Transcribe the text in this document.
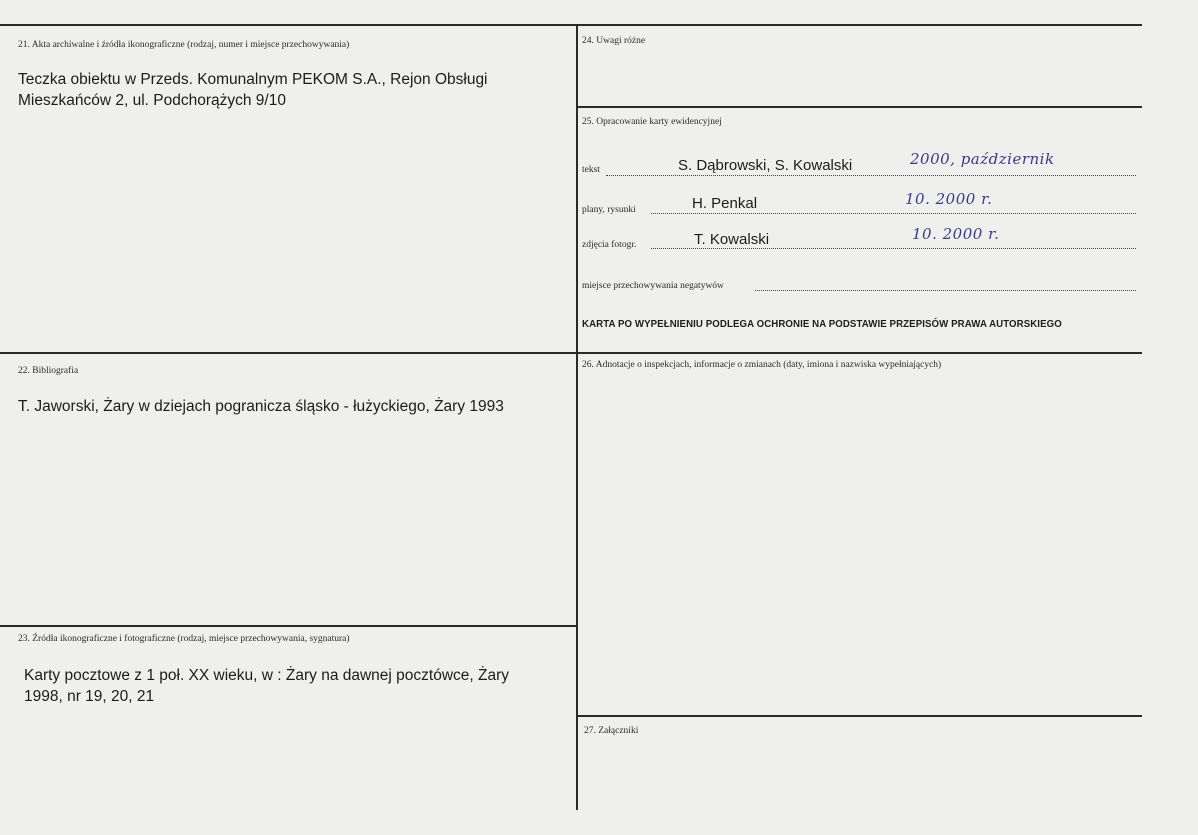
21. Akta archiwalne i źródła ikonograficzne (rodzaj, numer i miejsce przechowywania)
Teczka obiektu w Przeds. Komunalnym PEKOM S.A., Rejon Obsługi
Mieszkańców 2, ul. Podchorążych 9/10
24. Uwagi różne
25. Opracowanie karty ewidencyjnej
tekst	S. Dąbrowski, S. Kowalski	2000, październik
plany, rysunki	H. Penkal	10. 2000 r.
zdjęcia fotogr.	T. Kowalski	10. 2000 r.
miejsce przechowywania negatywów
KARTA PO WYPEŁNIENIU PODLEGA OCHRONIE NA PODSTAWIE PRZEPISÓW PRAWA AUTORSKIEGO
22. Bibliografia
T. Jaworski, Żary w dziejach pogranicza śląsko - łużyckiego, Żary 1993
26. Adnotacje o inspekcjach, informacje o zmianach (daty, imiona i nazwiska wypełniających)
23. Źródła ikonograficzne i fotograficzne (rodzaj, miejsce przechowywania, sygnatura)
Karty pocztowe z 1 poł. XX wieku, w : Żary na dawnej pocztówce, Żary
1998, nr 19, 20, 21
27. Załączniki
